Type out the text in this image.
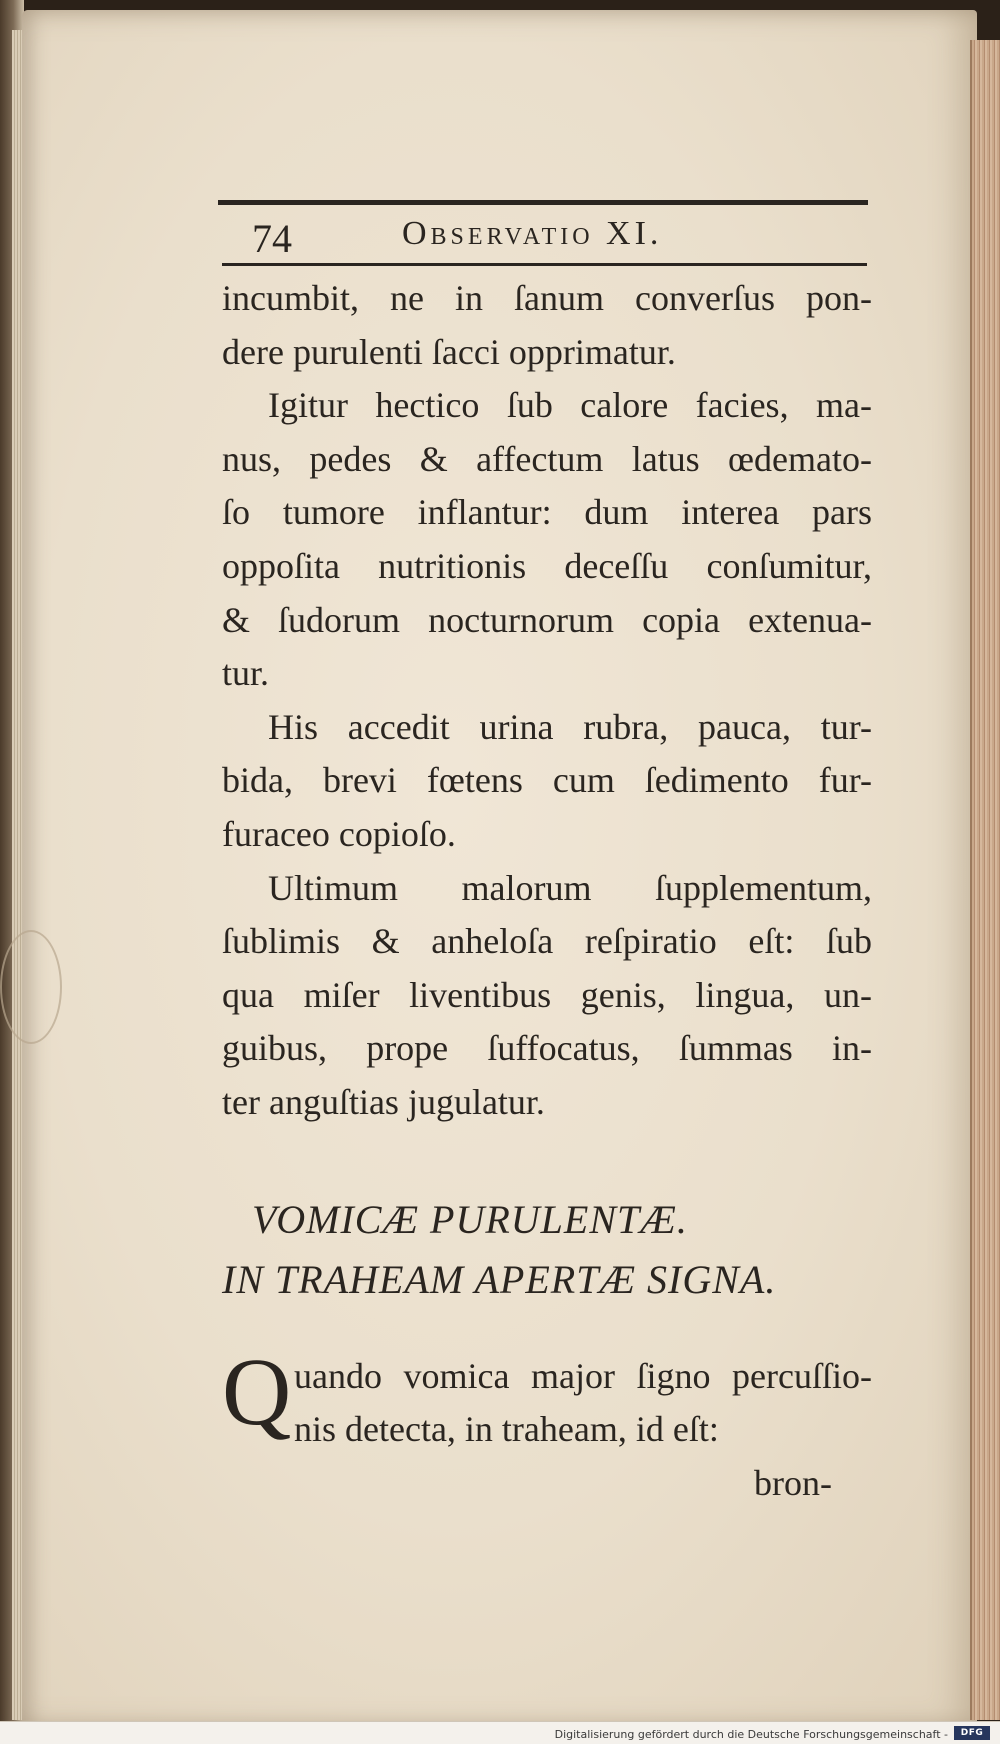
74	Observatio XI.

incumbit, ne in ſanum converſus pon-
dere purulenti ſacci opprimatur.

Igitur hectico ſub calore facies, ma-
nus, pedes & affectum latus œdemato-
ſo tumore inflantur: dum interea pars
oppoſita nutritionis deceſſu conſumitur,
& ſudorum nocturnorum copia extenua-
tur.

His accedit urina rubra, pauca, tur-
bida, brevi fœtens cum ſedimento fur-
furaceo copioſo.

Ultimum malorum ſupplementum,
ſublimis & anheloſa reſpiratio eſt: ſub
qua miſer liventibus genis, lingua, un-
guibus, prope ſuffocatus, ſummas in-
ter anguſtias jugulatur.

VOMICÆ PURULENTÆ.
IN TRAHEAM APERTÆ SIGNA.
Q uando vomica major ſigno percuſſio-
nis detecta, in traheam, id eſt:
bron-
Digitalisierung gefördert durch die Deutsche Forschungsgemeinschaft -	DFG
